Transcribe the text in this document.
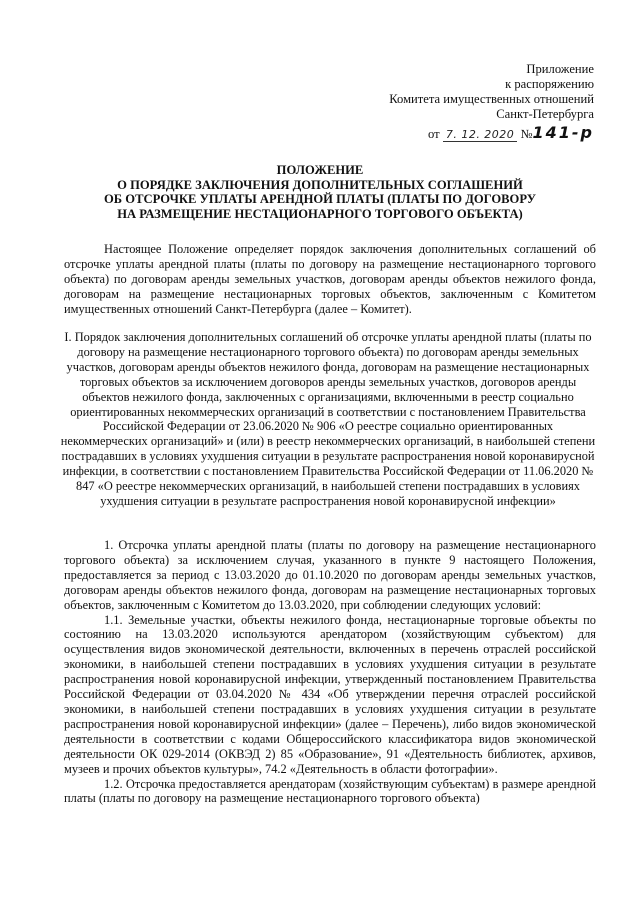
Приложение
к распоряжению
Комитета имущественных отношений
Санкт-Петербурга
от 7. 12. 2020 №141-р
ПОЛОЖЕНИЕ
О ПОРЯДКЕ ЗАКЛЮЧЕНИЯ ДОПОЛНИТЕЛЬНЫХ СОГЛАШЕНИЙ
ОБ ОТСРОЧКЕ УПЛАТЫ АРЕНДНОЙ ПЛАТЫ (ПЛАТЫ ПО ДОГОВОРУ
НА РАЗМЕЩЕНИЕ НЕСТАЦИОНАРНОГО ТОРГОВОГО ОБЪЕКТА)

Настоящее Положение определяет порядок заключения дополнительных соглашений об отсрочке уплаты арендной платы (платы по договору на размещение нестационарного торгового объекта) по договорам аренды земельных участков, договорам аренды объектов нежилого фонда, договорам на размещение нестационарных торговых объектов, заключенным с Комитетом имущественных отношений Санкт-Петербурга (далее – Комитет).

I. Порядок заключения дополнительных соглашений об отсрочке уплаты арендной платы (платы по договору на размещение нестационарного торгового объекта) по договорам аренды земельных участков, договорам аренды объектов нежилого фонда, договорам на размещение нестационарных торговых объектов за исключением договоров аренды земельных участков, договоров аренды объектов нежилого фонда, заключенных с организациями, включенными в реестр социально ориентированных некоммерческих организаций в соответствии с постановлением Правительства Российской Федерации от 23.06.2020 № 906 «О реестре социально ориентированных некоммерческих организаций» и (или) в реестр некоммерческих организаций, в наибольшей степени пострадавших в условиях ухудшения ситуации в результате распространения новой коронавирусной инфекции, в соответствии с постановлением Правительства Российской Федерации от 11.06.2020 № 847 «О реестре некоммерческих организаций, в наибольшей степени пострадавших в условиях ухудшения ситуации в результате распространения новой коронавирусной инфекции»

1. Отсрочка уплаты арендной платы (платы по договору на размещение нестационарного торгового объекта) за исключением случая, указанного в пункте 9 настоящего Положения, предоставляется за период с 13.03.2020 до 01.10.2020 по договорам аренды земельных участков, договорам аренды объектов нежилого фонда, договорам на размещение нестационарных торговых объектов, заключенным с Комитетом до 13.03.2020, при соблюдении следующих условий:

1.1. Земельные участки, объекты нежилого фонда, нестационарные торговые объекты по состоянию на 13.03.2020 используются арендатором (хозяйствующим субъектом) для осуществления видов экономической деятельности, включенных в перечень отраслей российской экономики, в наибольшей степени пострадавших в условиях ухудшения ситуации в результате распространения новой коронавирусной инфекции, утвержденный постановлением Правительства Российской Федерации от 03.04.2020 № 434 «Об утверждении перечня отраслей российской экономики, в наибольшей степени пострадавших в условиях ухудшения ситуации в результате распространения новой коронавирусной инфекции» (далее – Перечень), либо видов экономической деятельности в соответствии с кодами Общероссийского классификатора видов экономической деятельности ОК 029-2014 (ОКВЭД 2) 85 «Образование», 91 «Деятельность библиотек, архивов, музеев и прочих объектов культуры», 74.2 «Деятельность в области фотографии».

1.2. Отсрочка предоставляется арендаторам (хозяйствующим субъектам) в размере арендной платы (платы по договору на размещение нестационарного торгового объекта)
